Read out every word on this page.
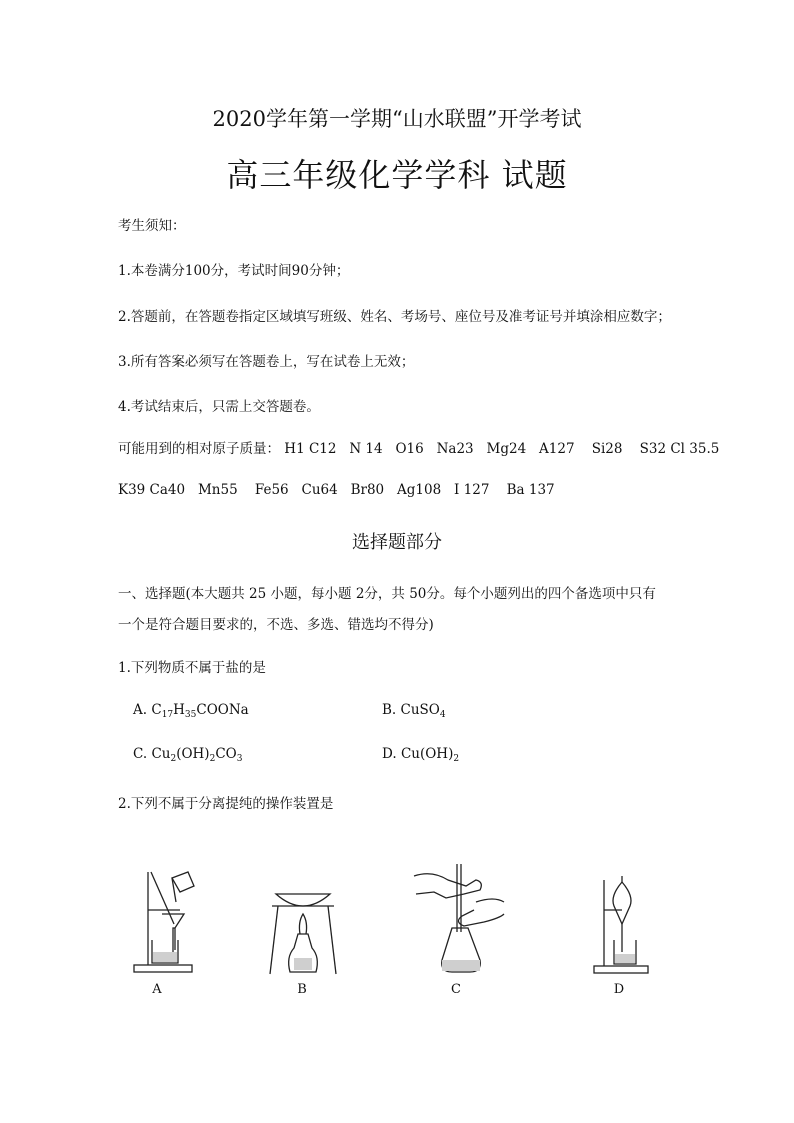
2020学年第一学期“山水联盟”开学考试
高三年级化学学科 试题
考生须知：
1.本卷满分100分，考试时间90分钟；
2.答题前，在答题卷指定区域填写班级、姓名、考场号、座位号及准考证号并填涂相应数字；
3.所有答案必须写在答题卷上，写在试卷上无效；
4.考试结束后，只需上交答题卷。
可能用到的相对原子质量： H1 C12   N 14   O16   Na23   Mg24   A127    Si28    S32 Cl 35.5
K39 Ca40   Mn55    Fe56   Cu64   Br80   Ag108   I 127    Ba 137
选择题部分
一、选择题(本大题共 25 小题，每小题 2分，共 50分。每个小题列出的四个备选项中只有
一个是符合题目要求的，不选、多选、错选均不得分)
1.下列物质不属于盐的是
A. $C_{17}H_{35}COONa$	B. CuSO$_4$
C. $Cu_2(OH)_2CO_3$	D. $Cu(OH)_2$
2.下列不属于分离提纯的操作装置是
A	B	C	D
